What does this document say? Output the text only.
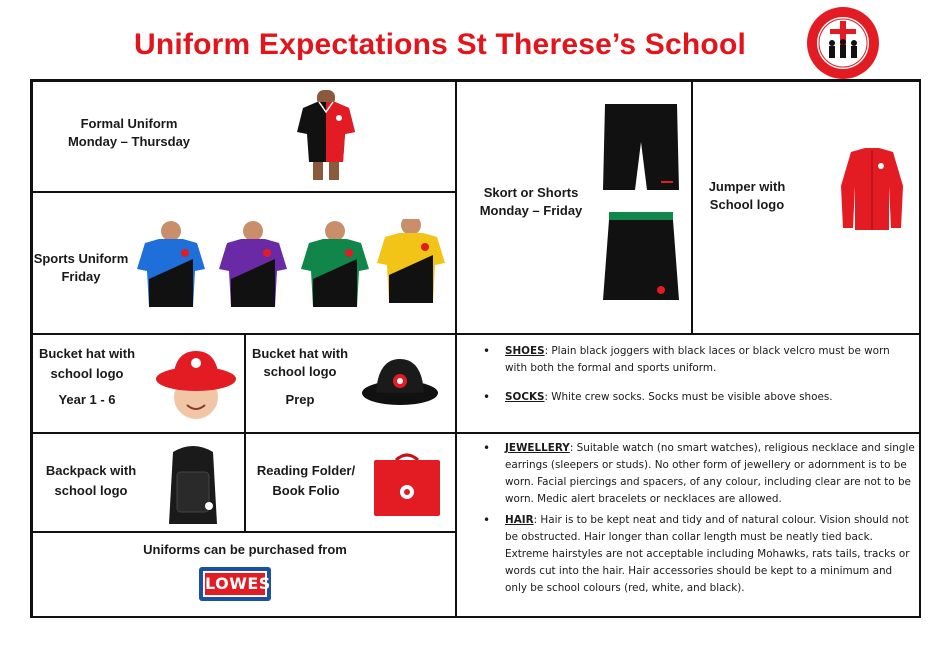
Uniform Expectations St Therese’s School
Formal Uniform
Monday – Thursday
Sports Uniform
Friday
Skort or Shorts
Monday – Friday
Jumper with
School logo
Bucket hat with
school logo
Year 1 - 6
Bucket hat with
school logo
Prep
• SHOES: Plain black joggers with black laces or black velcro must be worn with both the formal and sports uniform.
• SOCKS: White crew socks. Socks must be visible above shoes.
Backpack with
school logo
Reading Folder/
Book Folio
• JEWELLERY: Suitable watch (no smart watches), religious necklace and single earrings (sleepers or studs). No other form of jewellery or adornment is to be worn. Facial piercings and spacers, of any colour, including clear are not to be worn. Medic alert bracelets or necklaces are allowed.
• HAIR: Hair is to be kept neat and tidy and of natural colour. Vision should not be obstructed. Hair longer than collar length must be neatly tied back. Extreme hairstyles are not acceptable including Mohawks, rats tails, tracks or words cut into the hair. Hair accessories should be kept to a minimum and only be school colours (red, white, and black).
Uniforms can be purchased from
LOWES
